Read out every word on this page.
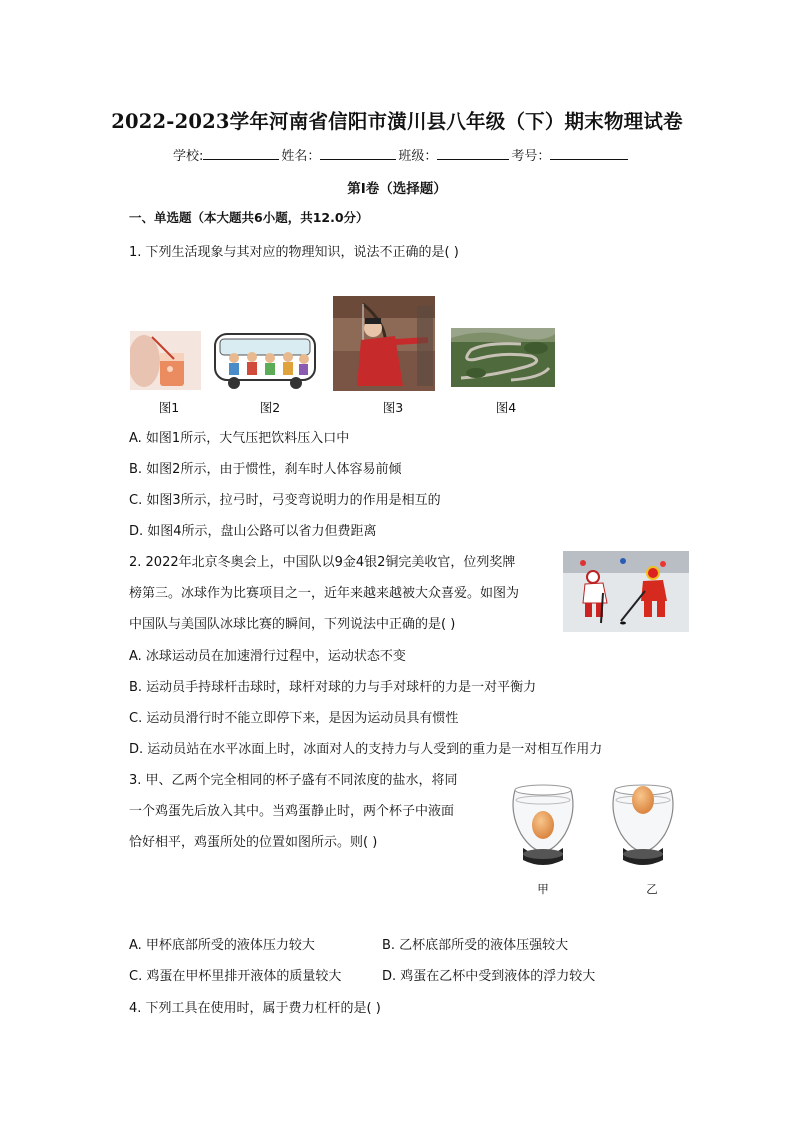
2022-2023学年河南省信阳市潢川县八年级（下）期末物理试卷
学校:	姓名：	班级：	考号：
第Ⅰ卷（选择题）
一、单选题（本大题共6小题，共12.0分）
1. 下列生活现象与其对应的物理知识，说法不正确的是( )
图1	图2	图3	图4
A. 如图1所示，大气压把饮料压入口中
B. 如图2所示，由于惯性，刹车时人体容易前倾
C. 如图3所示，拉弓时，弓变弯说明力的作用是相互的
D. 如图4所示，盘山公路可以省力但费距离
2. 2022年北京冬奥会上，中国队以9金4银2铜完美收官，位列奖牌
榜第三。冰球作为比赛项目之一，近年来越来越被大众喜爱。如图为
中国队与美国队冰球比赛的瞬间，下列说法中正确的是( )
A. 冰球运动员在加速滑行过程中，运动状态不变
B. 运动员手持球杆击球时，球杆对球的力与手对球杆的力是一对平衡力
C. 运动员滑行时不能立即停下来，是因为运动员具有惯性
D. 运动员站在水平冰面上时，冰面对人的支持力与人受到的重力是一对相互作用力
3. 甲、乙两个完全相同的杯子盛有不同浓度的盐水，将同
一个鸡蛋先后放入其中。当鸡蛋静止时，两个杯子中液面
恰好相平，鸡蛋所处的位置如图所示。则( )
甲	乙
A. 甲杯底部所受的液体压力较大	B. 乙杯底部所受的液体压强较大
C. 鸡蛋在甲杯里排开液体的质量较大	D. 鸡蛋在乙杯中受到液体的浮力较大
4. 下列工具在使用时，属于费力杠杆的是( )
